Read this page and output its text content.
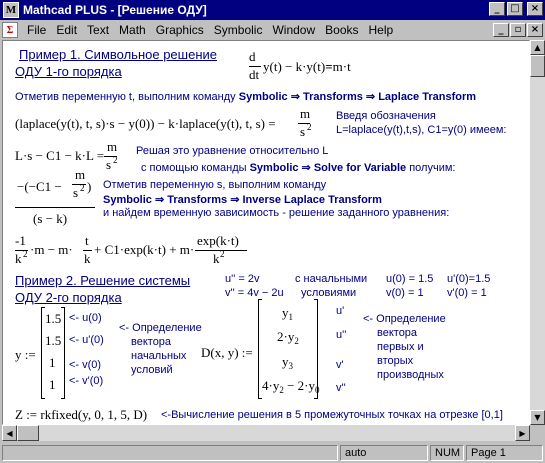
M Mathcad PLUS - [Решение ОДУ]	_	□	×
Σ	File Edit Text Math Graphics Symbolic Window Books Help	_	▫ ×
Пример 1. Символьное решение
ОДУ 1-го порядка
d
dt
y(t) − k·y(t)=m·t
Отметив переменную t, выполним команду Symbolic ⇒ Transforms ⇒ Laplace Transform
(laplace(y(t), t, s)·s − y(0)) − k·laplace(y(t), t, s) =
m
s 2
Введя обозначения
L=laplace(y(t),t,s), C1=y(0) имеем:
L·s − C1 − k·L =
m
s 2
Решая это уравнение относительно L
с помощью команды Symbolic ⇒ Solve for Variable получим:
−(−C1 −
m
s 2 )
(s − k)
Отметив переменную s, выполним команду
Symbolic ⇒ Transforms ⇒ Inverse Laplace Transform
и найдем временную зависимость - решение заданного уравнения:
-1
k 2 ·m − m·
t
k
+ C1·exp(k·t) + m·
exp(k·t)
k 2
Пример 2. Решение системы
ОДУ 2-го порядка
u'' = 2v
v'' = 4v − 2u
с начальными
условиями
u(0) = 1.5 u'(0)=1.5
v(0) = 1 v'(0) = 1
y :=
1.5
1.5
1
1
<- u(0)
<- u'(0)
<- v(0)
<- v'(0)
<- Определение
вектора
начальных
условий
D(x, y) :=
$y_1$
$2\cdot y_2$
$y_3$
$4\cdot y_2 - 2\cdot y_0$
u'
u''
v'
v''
<- Определение
вектора
первых и
вторых
производных
Z := rkfixed(y, 0, 1, 5, D) <-Вычисление решения в 5 промежуточных точках на отрезке [0,1]
▲
▼
◀	▶
auto	NUM Page 1
